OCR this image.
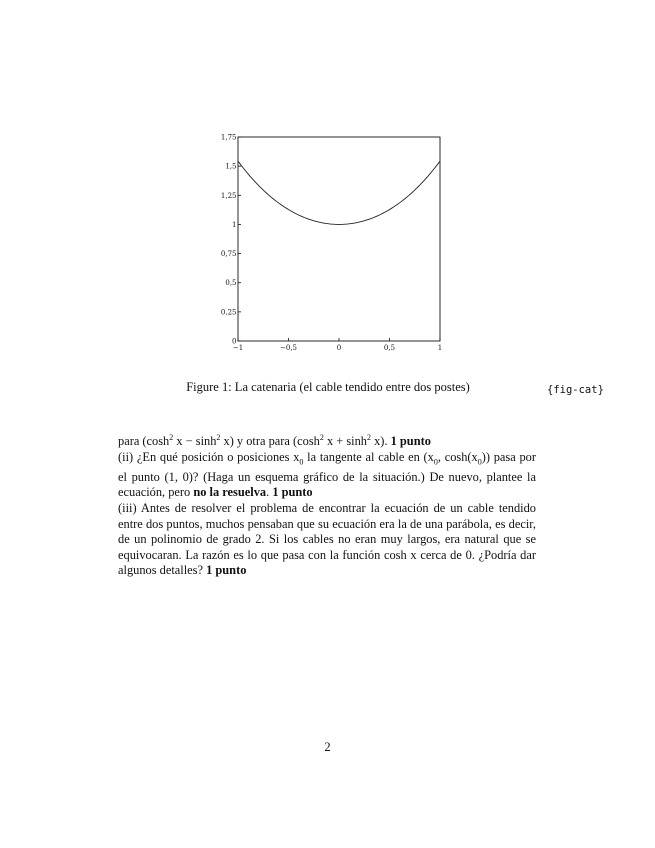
−1	−0,5	0	0,5	1
0
0,25
0,5
0,75
1
1,25
1,5
1,75
Figure 1: La catenaria (el cable tendido entre dos postes)	{fig-cat}

para ($\cosh^2$ $x - \sinh^2 x$) y otra para ($\cosh^2$ $x + \sinh^2 x$). 1 punto

(ii) ¿En qué posición o posiciones $x_0$ la tangente al cable en ($x_0$, $\cosh(x_0)$) pasa por el punto (1, 0)? (Haga un esquema gráfico de la situación.) De nuevo, plantee la ecuación, pero no la resuelva. 1 punto

(iii) Antes de resolver el problema de encontrar la ecuación de un cable tendido entre dos puntos, muchos pensaban que su ecuación era la de una parábola, es decir, de un polinomio de grado 2. Si los cables no eran muy largos, era natural que se equivocaran. La razón es lo que pasa con la función cosh x cerca de 0. ¿Podría dar algunos detalles? 1 punto

2
